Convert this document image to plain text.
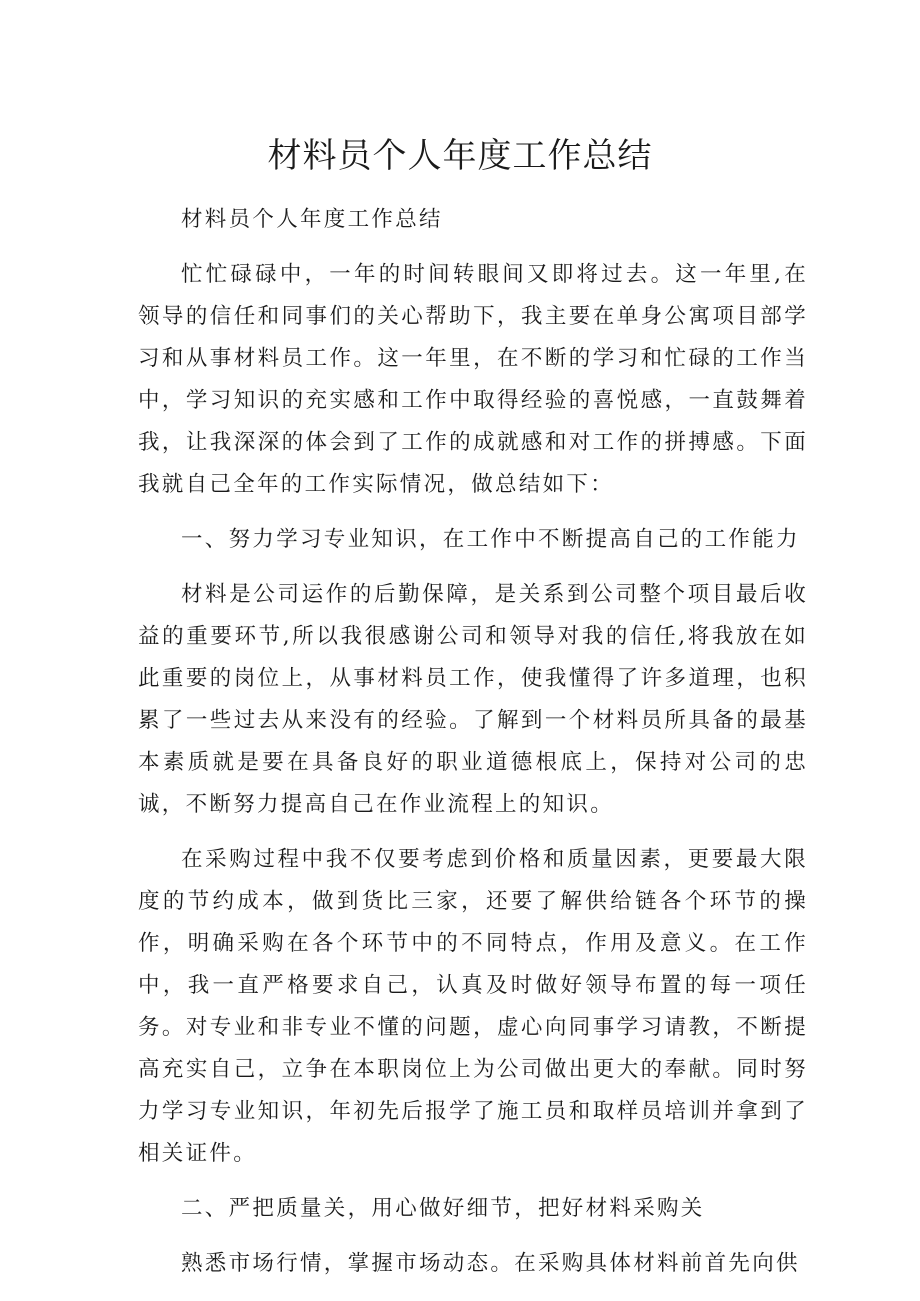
材料员个人年度工作总结

材料员个人年度工作总结

忙忙碌碌中，一年的时间转眼间又即将过去。这一年里,在领导的信任和同事们的关心帮助下，我主要在单身公寓项目部学习和从事材料员工作。这一年里，在不断的学习和忙碌的工作当中，学习知识的充实感和工作中取得经验的喜悦感，一直鼓舞着我，让我深深的体会到了工作的成就感和对工作的拼搏感。下面我就自己全年的工作实际情况，做总结如下：

一、努力学习专业知识，在工作中不断提高自己的工作能力

材料是公司运作的后勤保障，是关系到公司整个项目最后收益的重要环节,所以我很感谢公司和领导对我的信任,将我放在如此重要的岗位上，从事材料员工作，使我懂得了许多道理，也积累了一些过去从来没有的经验。了解到一个材料员所具备的最基本素质就是要在具备良好的职业道德根底上，保持对公司的忠诚，不断努力提高自己在作业流程上的知识。

在采购过程中我不仅要考虑到价格和质量因素，更要最大限度的节约成本，做到货比三家，还要了解供给链各个环节的操作，明确采购在各个环节中的不同特点，作用及意义。在工作中，我一直严格要求自己，认真及时做好领导布置的每一项任务。对专业和非专业不懂的问题，虚心向同事学习请教，不断提高充实自己，立争在本职岗位上为公司做出更大的奉献。同时努力学习专业知识，年初先后报学了施工员和取样员培训并拿到了相关证件。

二、严把质量关，用心做好细节，把好材料采购关

熟悉市场行情，掌握市场动态。在采购具体材料前首先向供
